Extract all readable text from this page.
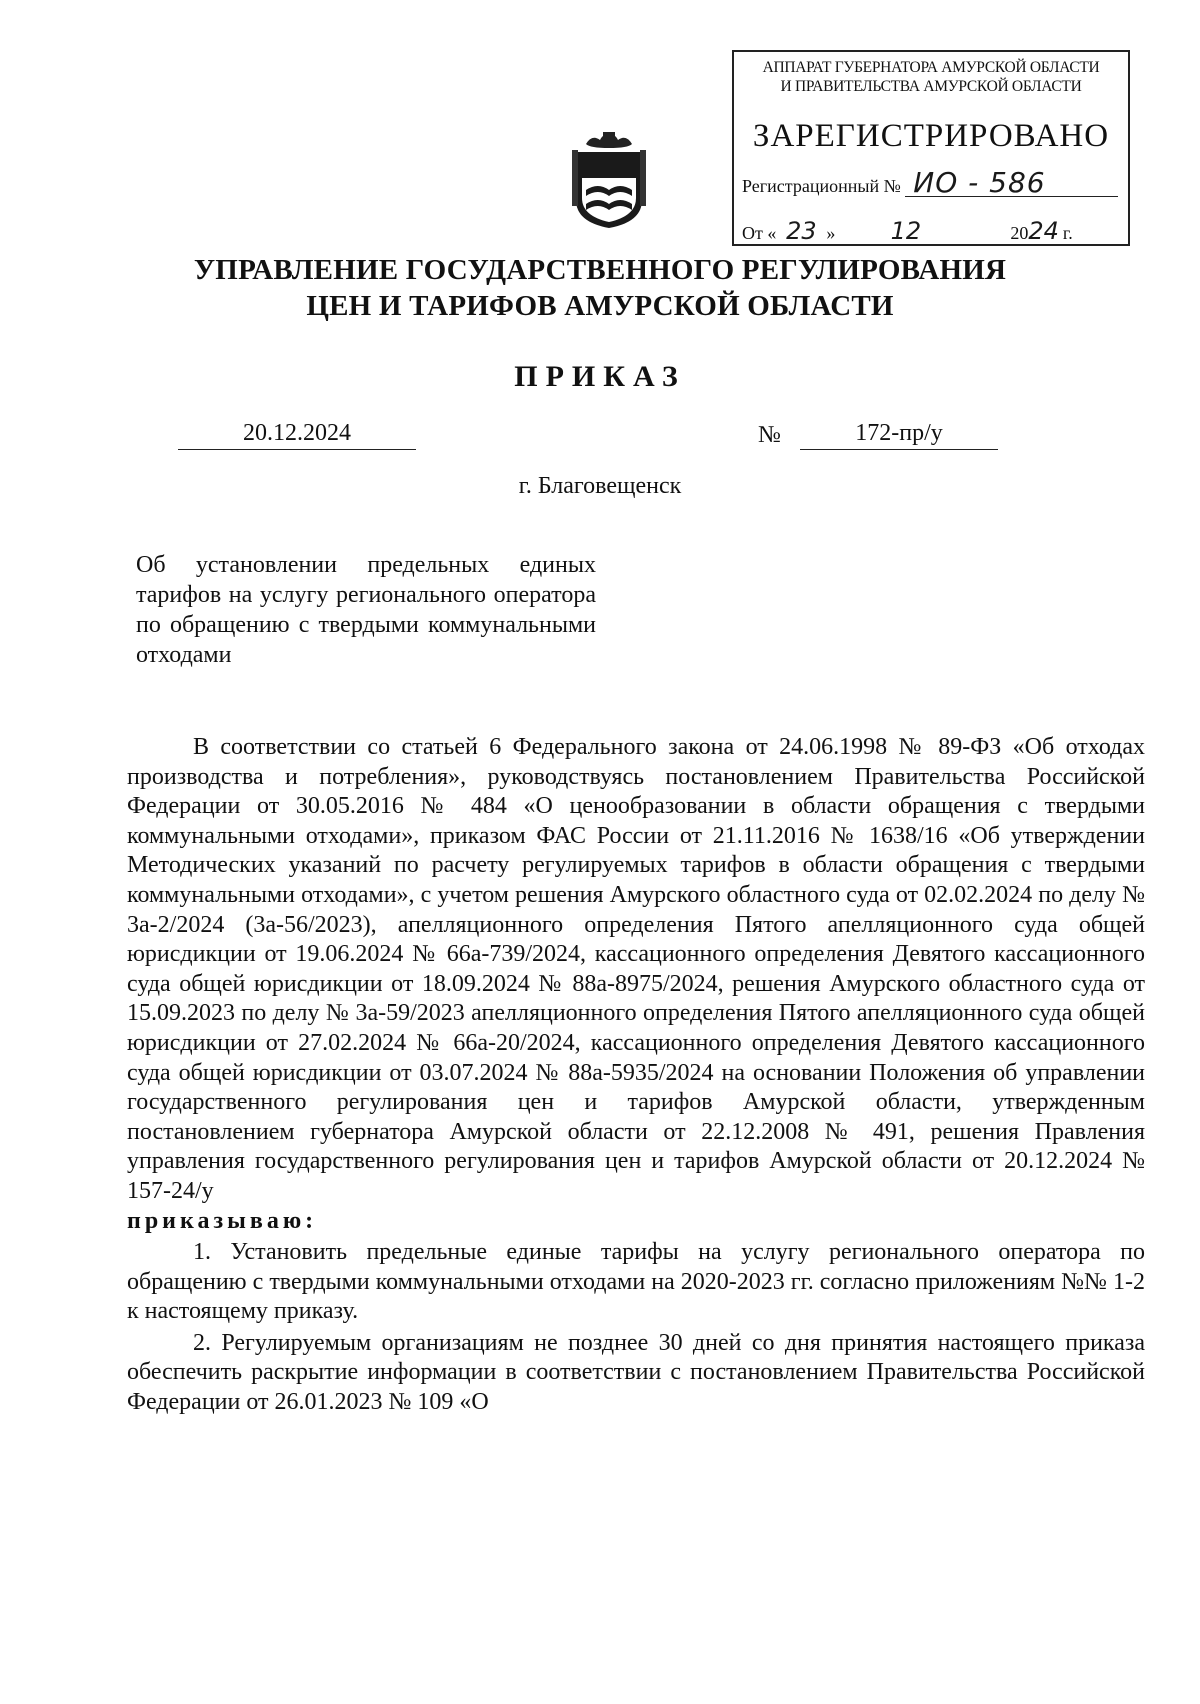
АППАРАТ ГУБЕРНАТОРА АМУРСКОЙ ОБЛАСТИ
И ПРАВИТЕЛЬСТВА АМУРСКОЙ ОБЛАСТИ
ЗАРЕГИСТРИРОВАНО
Регистрационный № ИО - 586
От « 23 » 12	2024 г.
УПРАВЛЕНИЕ ГОСУДАРСТВЕННОГО РЕГУЛИРОВАНИЯ
ЦЕН И ТАРИФОВ АМУРСКОЙ ОБЛАСТИ
ПРИКАЗ
20.12.2024	№	172-пр/у
г. Благовещенск
Об установлении предельных единых тарифов на услугу регионального оператора по обращению с твердыми коммунальными отходами

В соответствии со статьей 6 Федерального закона от 24.06.1998 № 89-ФЗ «Об отходах производства и потребления», руководствуясь постановлением Правительства Российской Федерации от 30.05.2016 № 484 «О ценообразовании в области обращения с твердыми коммунальными отходами», приказом ФАС России от 21.11.2016 № 1638/16 «Об утверждении Методических указаний по расчету регулируемых тарифов в области обращения с твердыми коммунальными отходами», с учетом решения Амурского областного суда от 02.02.2024 по делу № 3а-2/2024 (3а-56/2023), апелляционного определения Пятого апелляционного суда общей юрисдикции от 19.06.2024 № 66а-739/2024, кассационного определения Девятого кассационного суда общей юрисдикции от 18.09.2024 № 88а-8975/2024, решения Амурского областного суда от 15.09.2023 по делу № 3а-59/2023 апелляционного определения Пятого апелляционного суда общей юрисдикции от 27.02.2024 № 66а-20/2024, кассационного определения Девятого кассационного суда общей юрисдикции от 03.07.2024 № 88а-5935/2024 на основании Положения об управлении государственного регулирования цен и тарифов Амурской области, утвержденным постановлением губернатора Амурской области от 22.12.2008 № 491, решения Правления управления государственного регулирования цен и тарифов Амурской области от 20.12.2024 № 157-24/у

приказываю:

1. Установить предельные единые тарифы на услугу регионального оператора по обращению с твердыми коммунальными отходами на 2020-2023 гг. согласно приложениям №№ 1-2 к настоящему приказу.

2. Регулируемым организациям не позднее 30 дней со дня принятия настоящего приказа обеспечить раскрытие информации в соответствии с постановлением Правительства Российской Федерации от 26.01.2023 № 109 «О
